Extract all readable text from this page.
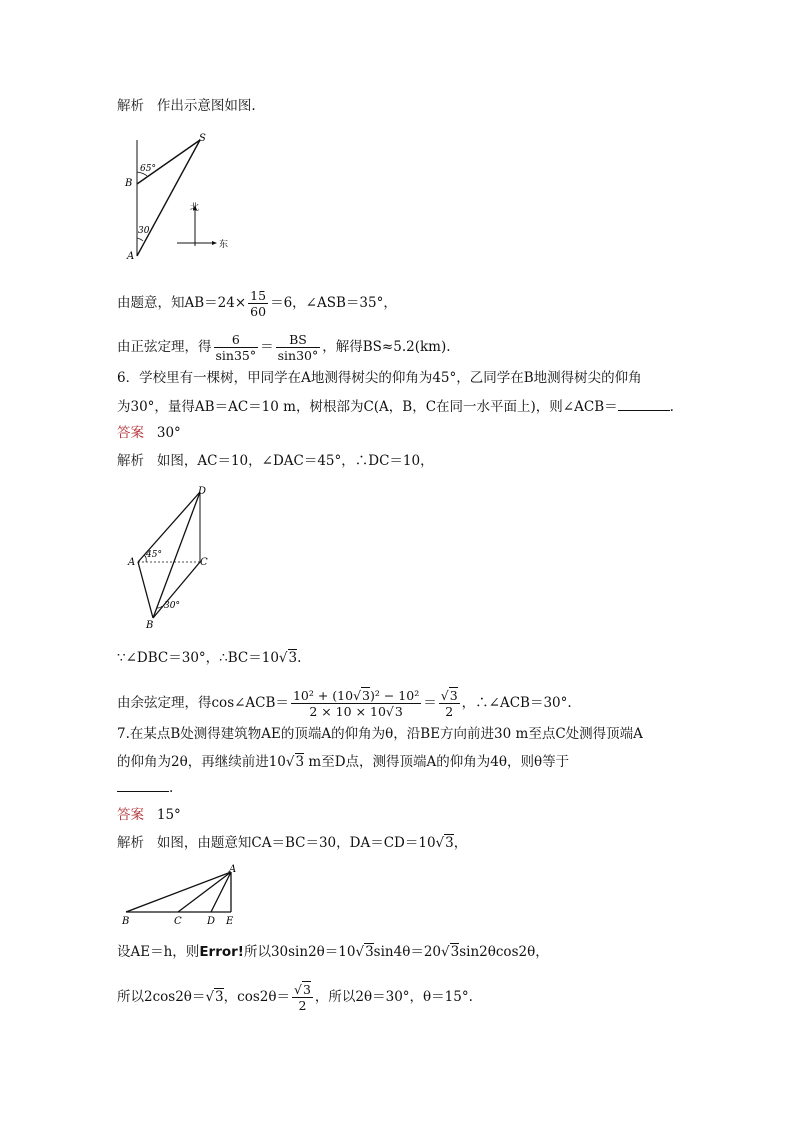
解析 作出示意图如图.
S
B
A
65°
30
北
东
由题意，知$AB=24\times \frac{15}{60} =6$，∠ASB＝35°，
由正弦定理，得 $\frac{6}{\sin 35^\circ} = \frac{BS}{\sin 30^\circ}$ ，解得BS≈5.2(km).
6．学校里有一棵树，甲同学在A地测得树尖的仰角为45°，乙同学在B地测得树尖的仰角
为30°，量得AB＝AC＝10 m，树根部为C(A，B，C在同一水平面上)，则∠ACB＝	.
答案 30°
解析 如图，AC＝10，∠DAC＝45°，∴DC＝10，
D
A	C
B
45°
30°
∵∠DBC＝30°，∴BC＝10√3.
由余弦定理，得cos∠ACB＝ $\frac{\text{10² + (10√3)² − 10²}}{2 \times 10 \times 10√3} = \frac{√3}{2}$ ，∴∠ACB＝30°.
7.在某点B处测得建筑物AE的顶端A的仰角为θ，沿BE方向前进30 m至点C处测得顶端A
的仰角为2θ，再继续前进10√3 m至D点，测得顶端A的仰角为4θ，则θ等于
.
答案 15°
解析 如图，由题意知CA＝BC＝30，DA＝CD＝10√3，
A
B	C	D E
设AE＝h，则Error!所以30sin2θ＝10√3sin4θ＝20√3sin2θcos2θ，
所以2cos2θ＝√3，$\cos 2\theta= \frac{√3}{2}$ ，所以2θ＝30°，θ＝15°.
